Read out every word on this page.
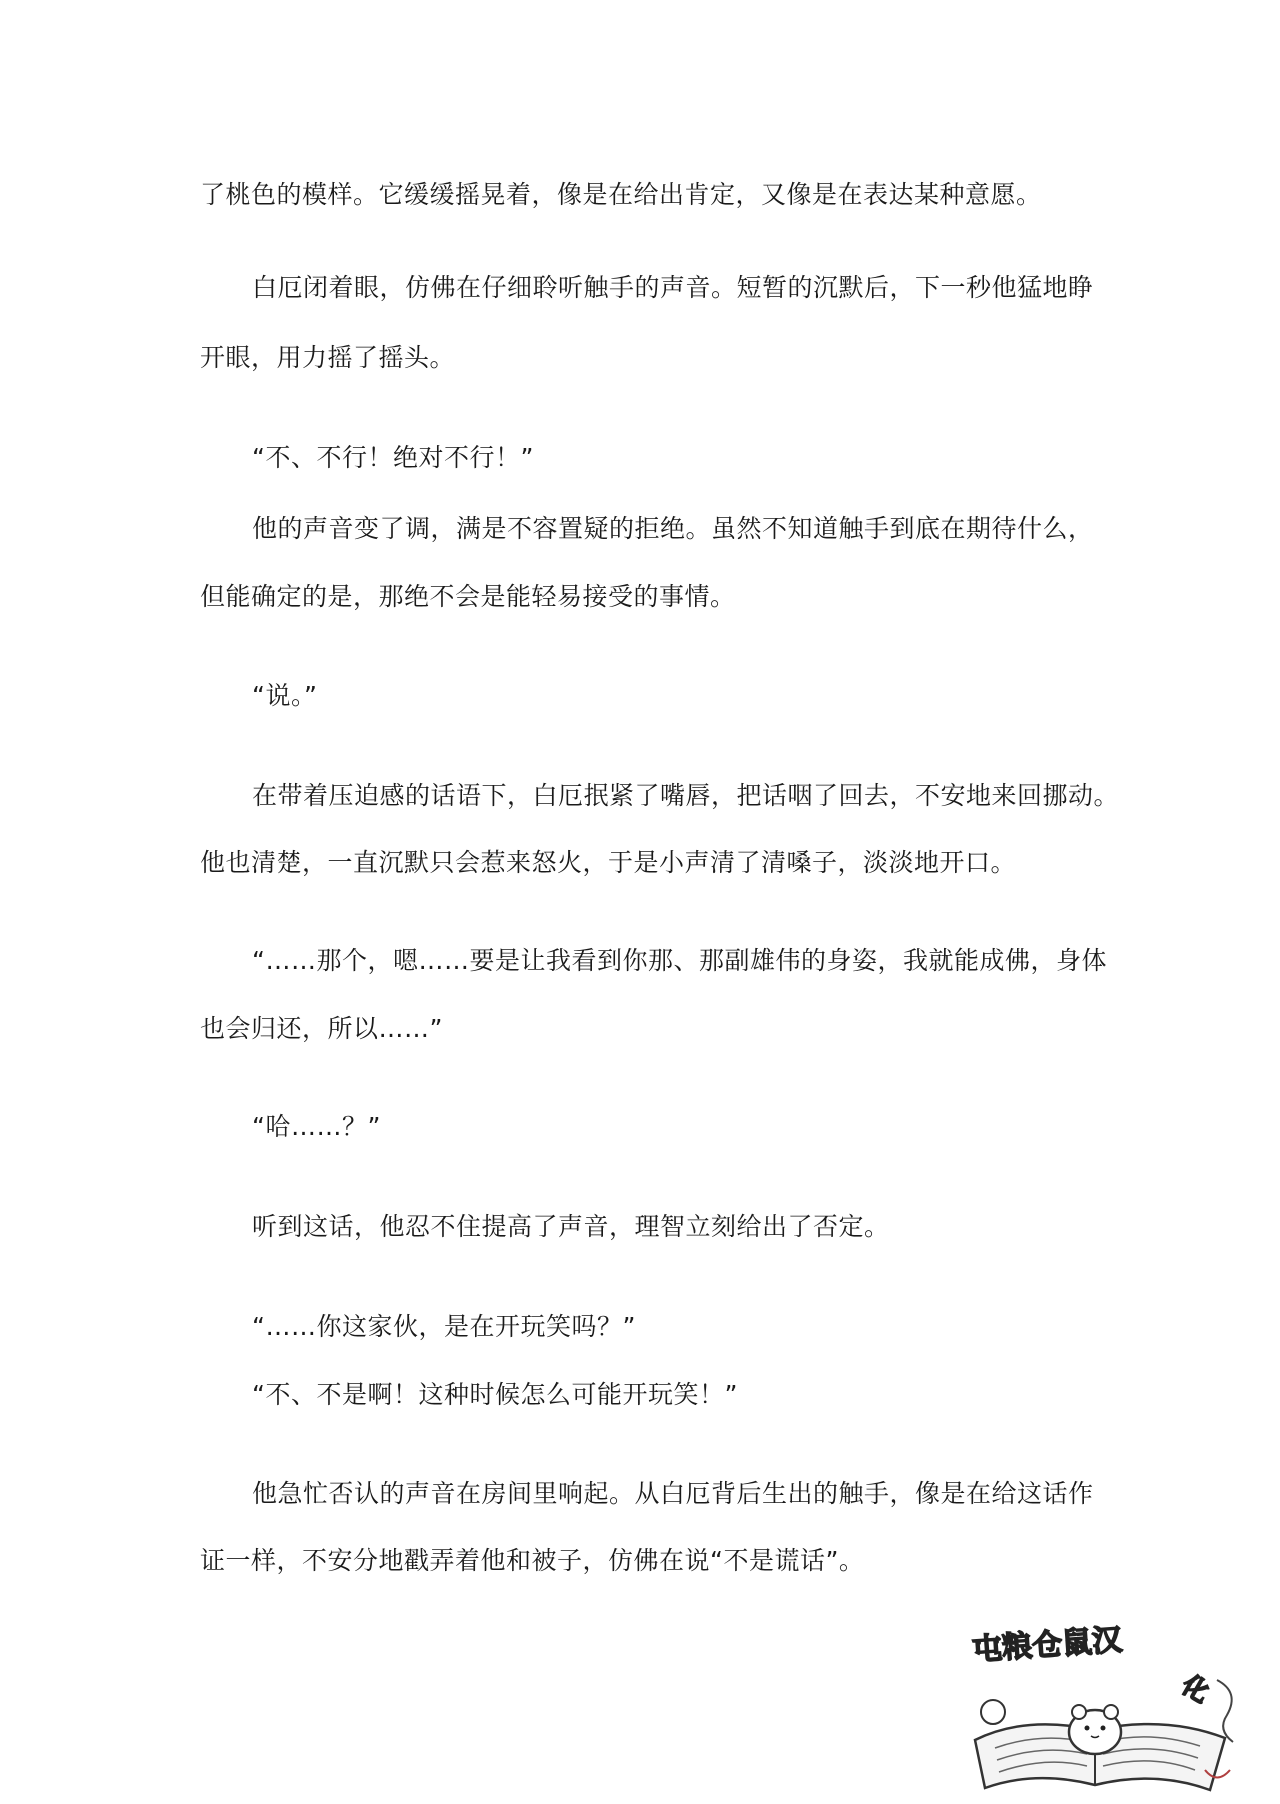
了桃色的模样。它缓缓摇晃着，像是在给出肯定，又像是在表达某种意愿。
白厄闭着眼，仿佛在仔细聆听触手的声音。短暂的沉默后，下一秒他猛地睁
开眼，用力摇了摇头。
“不、不行！绝对不行！”
他的声音变了调，满是不容置疑的拒绝。虽然不知道触手到底在期待什么，
但能确定的是，那绝不会是能轻易接受的事情。
“说。”
在带着压迫感的话语下，白厄抿紧了嘴唇，把话咽了回去，不安地来回挪动。
他也清楚，一直沉默只会惹来怒火，于是小声清了清嗓子，淡淡地开口。
“……那个，嗯……要是让我看到你那、那副雄伟的身姿，我就能成佛，身体
也会归还，所以……”
“哈……？”
听到这话，他忍不住提高了声音，理智立刻给出了否定。
“……你这家伙，是在开玩笑吗？”
“不、不是啊！这种时候怎么可能开玩笑！”
他急忙否认的声音在房间里响起。从白厄背后生出的触手，像是在给这话作
证一样，不安分地戳弄着他和被子，仿佛在说“不是谎话”。
屯粮仓鼠汉
化
